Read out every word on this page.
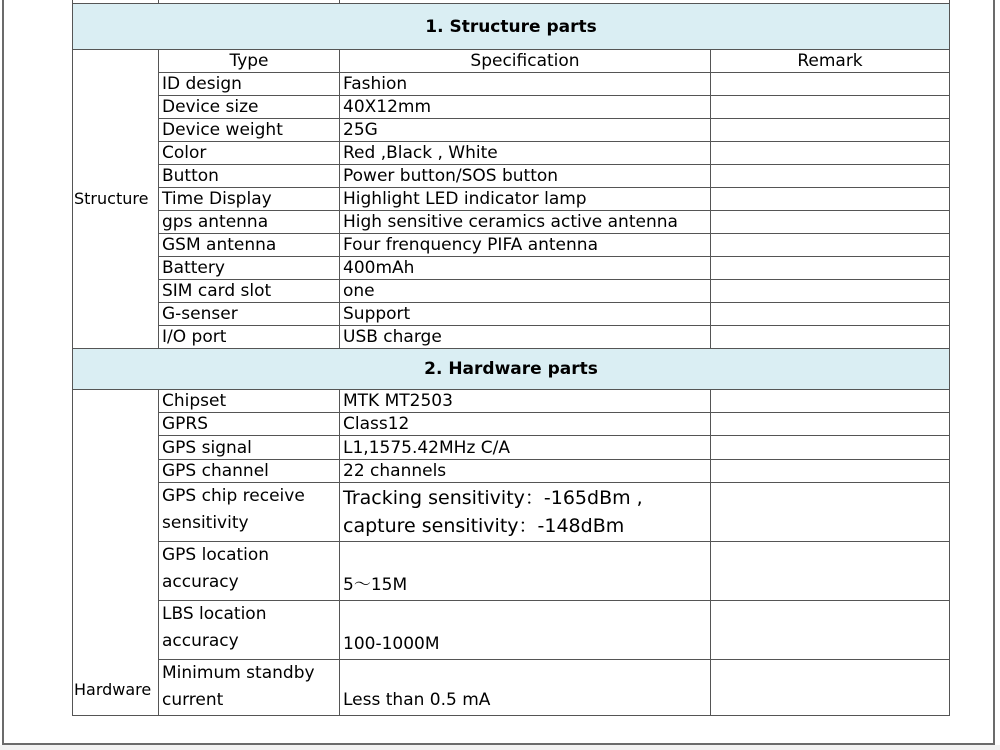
1. Structure parts			
Structure	Type	Specification	Remark
	ID design	Fashion	
	Device size	40X12mm	
	Device weight	25G	
	Color	Red ,Black , White	
	Button	Power button/SOS button	
	Time Display	Highlight LED indicator lamp	
	gps antenna	High sensitive ceramics active antenna	
	GSM antenna	Four frenquency PIFA antenna	
	Battery	400mAh	
	SIM card slot	one	
	G-senser	Support	
	I/O port	USB charge	
2. Hardware parts			
Hardware	Chipset	MTK MT2503	
	GPRS	Class12	
	GPS signal	L1,1575.42MHz C/A	
	GPS channel	22 channels	
	GPS chip receive sensitivity	Tracking sensitivity：-165dBm , capture sensitivity：-148dBm	
	GPS location accuracy	5～15M	
	LBS location accuracy	100-1000M	
	Minimum standby current	Less than 0.5 mA	
